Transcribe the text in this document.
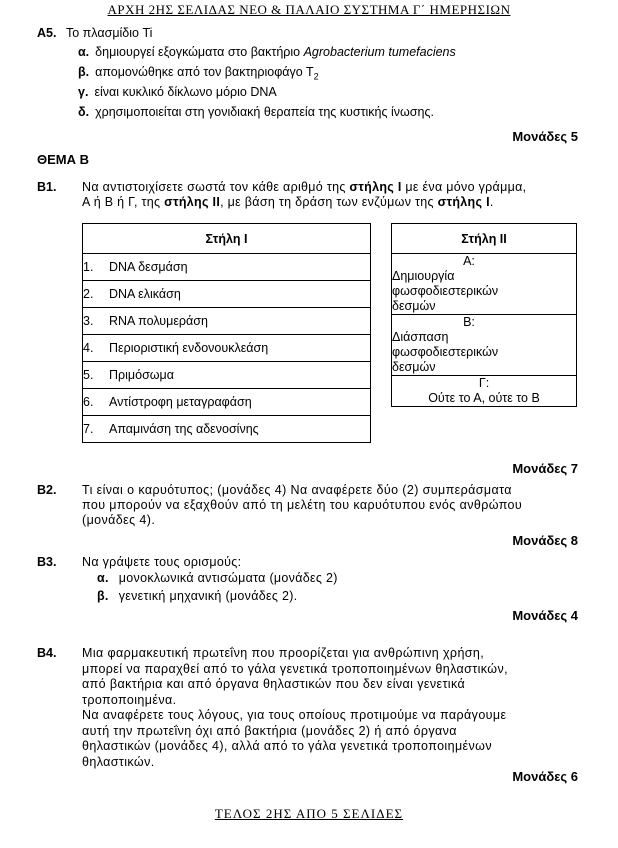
ΑΡΧΗ 2ΗΣ ΣΕΛΙΔΑΣ ΝΕΟ & ΠΑΛΑΙΟ ΣΥΣΤΗΜΑ Γ΄ ΗΜΕΡΗΣΙΩΝ
Α5. Το πλασμίδιο Ti
α. δημιουργεί εξογκώματα στο βακτήριο Agrobacterium tumefaciens
β. απομονώθηκε από τον βακτηριοφάγο $T_2$
γ. είναι κυκλικό δίκλωνο μόριο DNA
δ. χρησιμοποιείται στη γονιδιακή θεραπεία της κυστικής ίνωσης.
Μονάδες 5
ΘΕΜΑ Β
Β1. Να αντιστοιχίσετε σωστά τον κάθε αριθμό της στήλης Ι με ένα μόνο γράμμα,
Α ή Β ή Γ, της στήλης ΙΙ, με βάση τη δράση των ενζύμων της στήλης Ι.
Στήλη Ι
1. DNA δεσμάση
2. DNA ελικάση
3. RNA πολυμεράση
4. Περιοριστική ενδονουκλεάση
5. Πριμόσωμα
6. Αντίστροφη μεταγραφάση
7. Απαμινάση της αδενοσίνης
Στήλη ΙΙ

Α:
Δημιουργία
φωσφοδιεστερικών
δεσμών

Β:
Διάσπαση
φωσφοδιεστερικών
δεσμών

Γ:
Ούτε το Α, ούτε το Β
Μονάδες 7
Β2. Τι είναι ο καρυότυπος; (μονάδες 4) Να αναφέρετε δύο (2) συμπεράσματα
που μπορούν να εξαχθούν από τη μελέτη του καρυότυπου ενός ανθρώπου
(μονάδες 4).
Μονάδες 8
Β3. Να γράψετε τους ορισμούς:
α. μονοκλωνικά αντισώματα (μονάδες 2)
β. γενετική μηχανική (μονάδες 2).
Μονάδες 4
Β4. Μια φαρμακευτική πρωτεΐνη που προορίζεται για ανθρώπινη χρήση,
μπορεί να παραχθεί από το γάλα γενετικά τροποποιημένων θηλαστικών,
από βακτήρια και από όργανα θηλαστικών που δεν είναι γενετικά
τροποποιημένα.
Να αναφέρετε τους λόγους, για τους οποίους προτιμούμε να παράγουμε
αυτή την πρωτεΐνη όχι από βακτήρια (μονάδες 2) ή από όργανα
θηλαστικών (μονάδες 4), αλλά από το γάλα γενετικά τροποποιημένων
θηλαστικών.
Μονάδες 6
ΤΕΛΟΣ 2ΗΣ ΑΠΟ 5 ΣΕΛΙΔΕΣ
